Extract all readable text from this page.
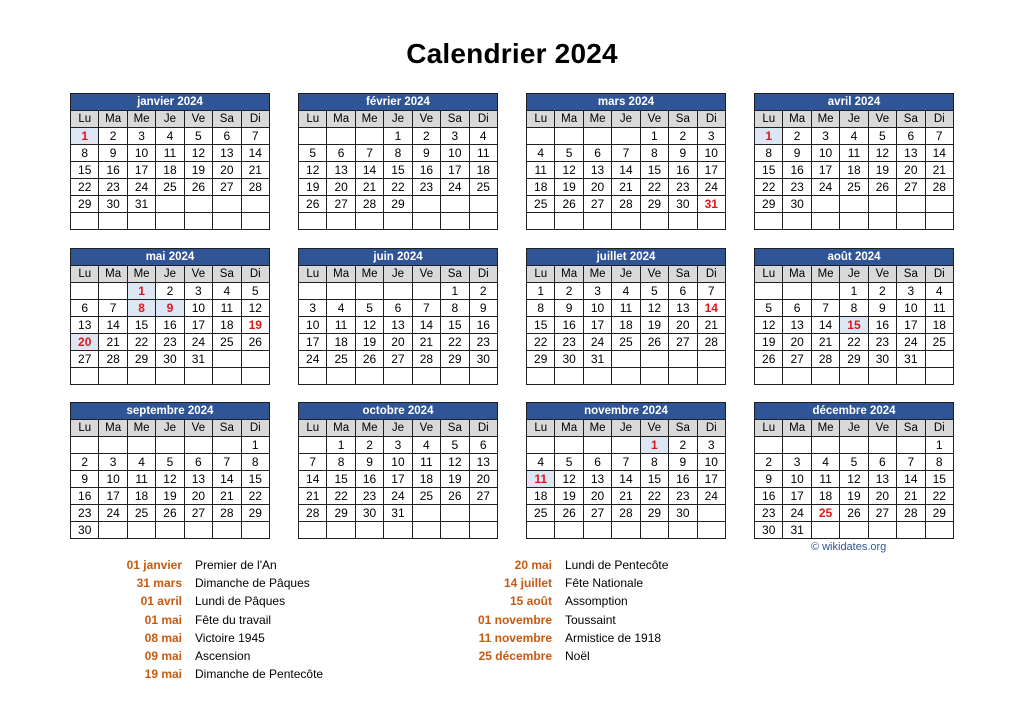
Calendrier 2024
janvier 2024						
Lu	Ma	Me	Je	Ve	Sa	Di
1	2	3	4	5	6	7
8	9	10	11	12	13	14
15	16	17	18	19	20	21
22	23	24	25	26	27	28
29	30	31				

février 2024						
Lu	Ma	Me	Je	Ve	Sa	Di
			1	2	3	4
5	6	7	8	9	10	11
12	13	14	15	16	17	18
19	20	21	22	23	24	25
26	27	28	29			

mars 2024						
Lu	Ma	Me	Je	Ve	Sa	Di
				1	2	3
4	5	6	7	8	9	10
11	12	13	14	15	16	17
18	19	20	21	22	23	24
25	26	27	28	29	30	31

avril 2024						
Lu	Ma	Me	Je	Ve	Sa	Di
1	2	3	4	5	6	7
8	9	10	11	12	13	14
15	16	17	18	19	20	21
22	23	24	25	26	27	28
29	30					

mai 2024						
Lu	Ma	Me	Je	Ve	Sa	Di
		1	2	3	4	5
6	7	8	9	10	11	12
13	14	15	16	17	18	19
20	21	22	23	24	25	26
27	28	29	30	31		

juin 2024						
Lu	Ma	Me	Je	Ve	Sa	Di
					1	2
3	4	5	6	7	8	9
10	11	12	13	14	15	16
17	18	19	20	21	22	23
24	25	26	27	28	29	30

juillet 2024						
Lu	Ma	Me	Je	Ve	Sa	Di
1	2	3	4	5	6	7
8	9	10	11	12	13	14
15	16	17	18	19	20	21
22	23	24	25	26	27	28
29	30	31				

août 2024						
Lu	Ma	Me	Je	Ve	Sa	Di
			1	2	3	4
5	6	7	8	9	10	11
12	13	14	15	16	17	18
19	20	21	22	23	24	25
26	27	28	29	30	31	

septembre 2024						
Lu	Ma	Me	Je	Ve	Sa	Di
						1
2	3	4	5	6	7	8
9	10	11	12	13	14	15
16	17	18	19	20	21	22
23	24	25	26	27	28	29
30						
octobre 2024						
Lu	Ma	Me	Je	Ve	Sa	Di
	1	2	3	4	5	6
7	8	9	10	11	12	13
14	15	16	17	18	19	20
21	22	23	24	25	26	27
28	29	30	31			

novembre 2024						
Lu	Ma	Me	Je	Ve	Sa	Di
				1	2	3
4	5	6	7	8	9	10
11	12	13	14	15	16	17
18	19	20	21	22	23	24
25	26	27	28	29	30	

décembre 2024						
Lu	Ma	Me	Je	Ve	Sa	Di
						1
2	3	4	5	6	7	8
9	10	11	12	13	14	15
16	17	18	19	20	21	22
23	24	25	26	27	28	29
30	31					
© wikidates.org
01 janvier	Premier de l'An
31 mars	Dimanche de Pâques
01 avril	Lundi de Pâques
01 mai	Fête du travail
08 mai	Victoire 1945
09 mai	Ascension
19 mai	Dimanche de Pentecôte
20 mai	Lundi de Pentecôte
14 juillet	Fête Nationale
15 août	Assomption
01 novembre	Toussaint
11 novembre	Armistice de 1918
25 décembre	Noël
